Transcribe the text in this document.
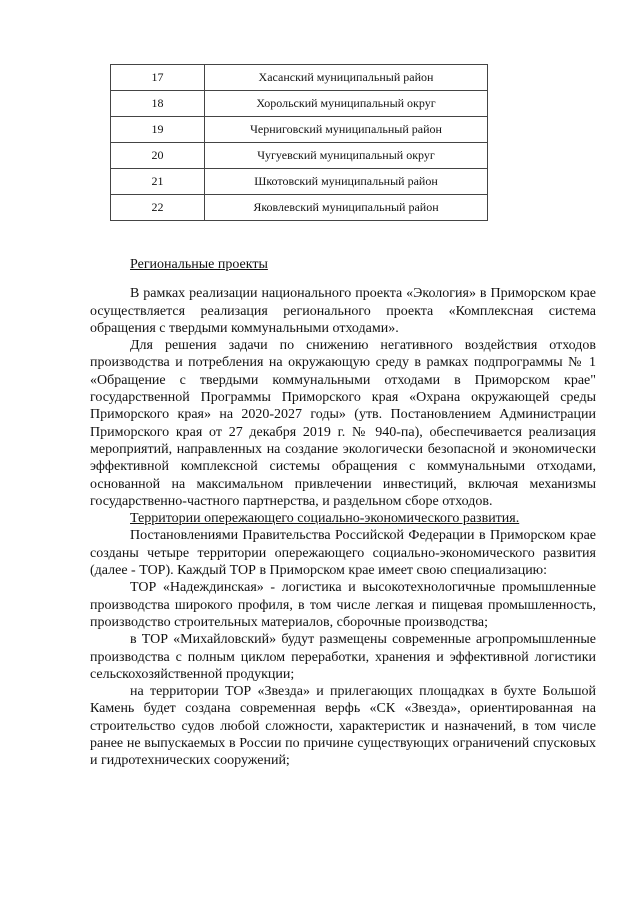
17	Хасанский муниципальный район
18	Хорольский муниципальный округ
19	Черниговский муниципальный район
20	Чугуевский муниципальный округ
21	Шкотовский муниципальный район
22	Яковлевский муниципальный район

Региональные проекты

В рамках реализации национального проекта «Экология» в Приморском крае осуществляется реализация регионального проекта «Комплексная система обращения с твердыми коммунальными отходами».

Для решения задачи по снижению негативного воздействия отходов производства и потребления на окружающую среду в рамках подпрограммы № 1 «Обращение с твердыми коммунальными отходами в Приморском крае" государственной Программы Приморского края «Охрана окружающей среды Приморского края» на 2020-2027 годы» (утв. Постановлением Администрации Приморского края от 27 декабря 2019 г. № 940-па), обеспечивается реализация мероприятий, направленных на создание экологически безопасной и экономически эффективной комплексной системы обращения с коммунальными отходами, основанной на максимальном привлечении инвестиций, включая механизмы государственно-частного партнерства, и раздельном сборе отходов.

Территории опережающего социально-экономического развития.

Постановлениями Правительства Российской Федерации в Приморском крае созданы четыре территории опережающего социально-экономического развития (далее - ТОР). Каждый ТОР в Приморском крае имеет свою специализацию:

ТОР «Надеждинская» - логистика и высокотехнологичные промышленные производства широкого профиля, в том числе легкая и пищевая промышленность, производство строительных материалов, сборочные производства;

в ТОР «Михайловский» будут размещены современные агропромышленные производства с полным циклом переработки, хранения и эффективной логистики сельскохозяйственной продукции;

на территории ТОР «Звезда» и прилегающих площадках в бухте Большой Камень будет создана современная верфь «СК «Звезда», ориентированная на строительство судов любой сложности, характеристик и назначений, в том числе ранее не выпускаемых в России по причине существующих ограничений спусковых и гидротехнических сооружений;
